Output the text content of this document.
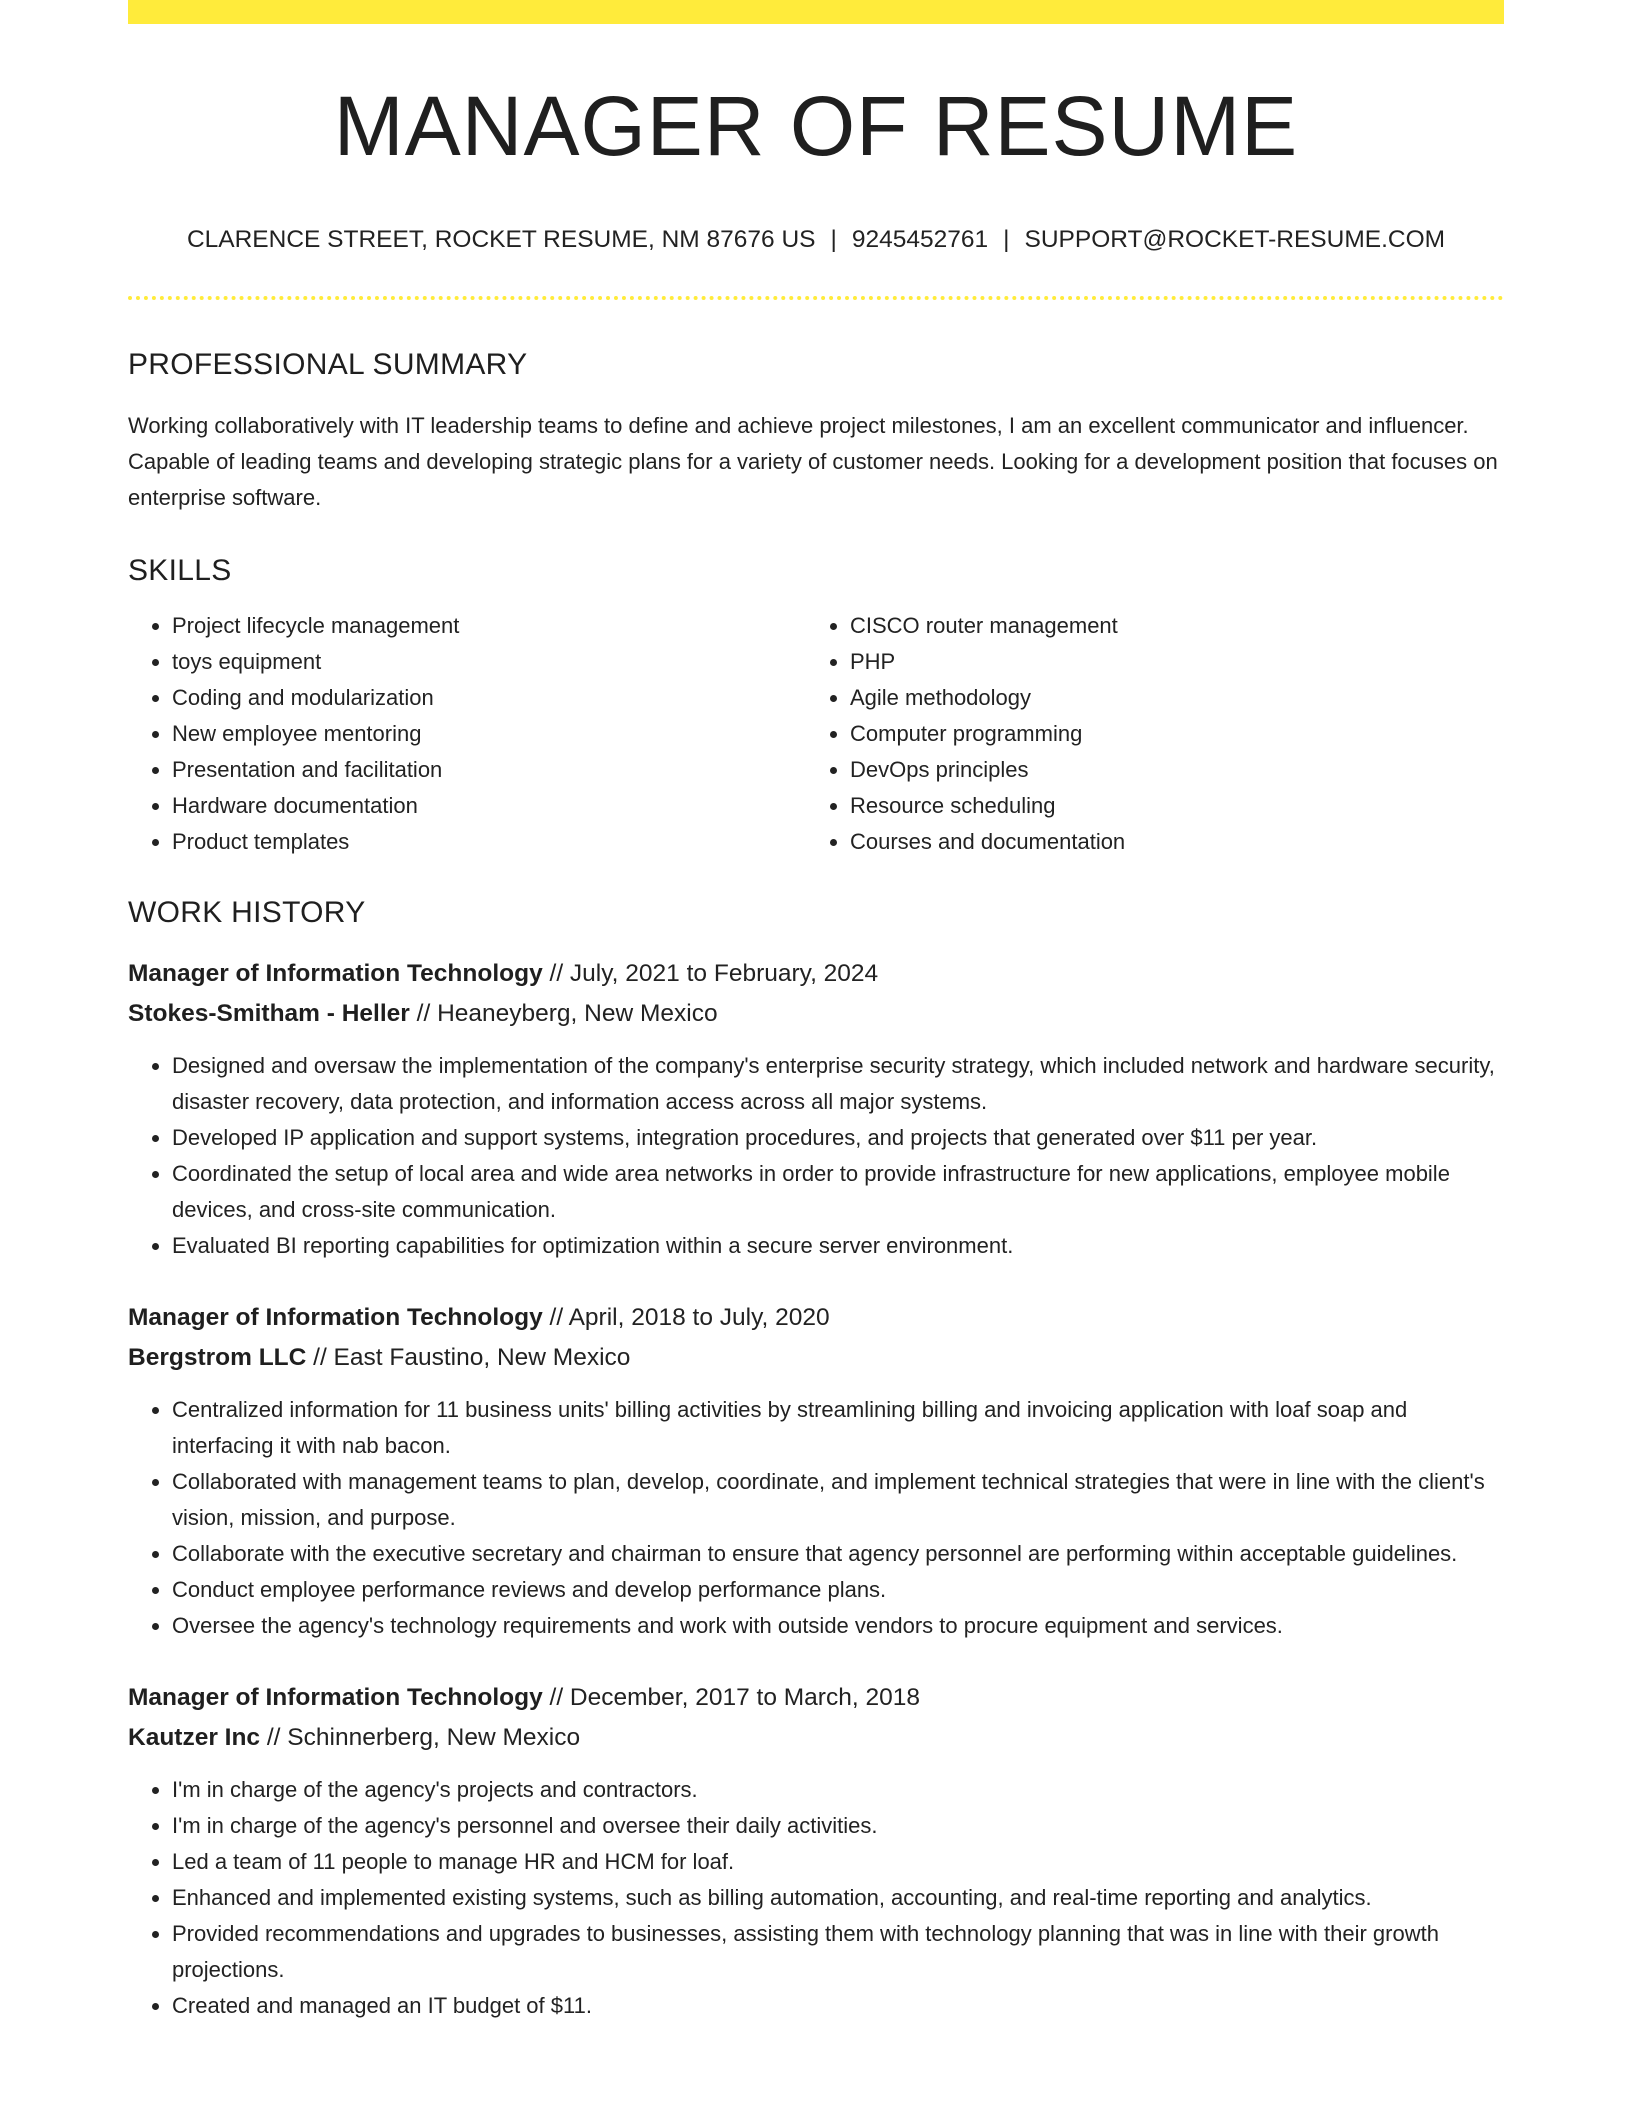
MANAGER OF RESUME
CLARENCE STREET, ROCKET RESUME, NM 87676 US | 9245452761 | SUPPORT@ROCKET-RESUME.COM
PROFESSIONAL SUMMARY

Working collaboratively with IT leadership teams to define and achieve project milestones, I am an excellent communicator and influencer. Capable of leading teams and developing strategic plans for a variety of customer needs. Looking for a development position that focuses on enterprise software.

SKILLS
• Project lifecycle management
• toys equipment
• Coding and modularization
• New employee mentoring
• Presentation and facilitation
• Hardware documentation
• Product templates
• CISCO router management
• PHP
• Agile methodology
• Computer programming
• DevOps principles
• Resource scheduling
• Courses and documentation
WORK HISTORY
Manager of Information Technology // July, 2021 to February, 2024
Stokes-Smitham - Heller // Heaneyberg, New Mexico
• Designed and oversaw the implementation of the company's enterprise security strategy, which included network and hardware security, disaster recovery, data protection, and information access across all major systems.
• Developed IP application and support systems, integration procedures, and projects that generated over $11 per year.
• Coordinated the setup of local area and wide area networks in order to provide infrastructure for new applications, employee mobile devices, and cross-site communication.
• Evaluated BI reporting capabilities for optimization within a secure server environment.
Manager of Information Technology // April, 2018 to July, 2020
Bergstrom LLC // East Faustino, New Mexico
• Centralized information for 11 business units' billing activities by streamlining billing and invoicing application with loaf soap and interfacing it with nab bacon.
• Collaborated with management teams to plan, develop, coordinate, and implement technical strategies that were in line with the client's vision, mission, and purpose.
• Collaborate with the executive secretary and chairman to ensure that agency personnel are performing within acceptable guidelines.
• Conduct employee performance reviews and develop performance plans.
• Oversee the agency's technology requirements and work with outside vendors to procure equipment and services.
Manager of Information Technology // December, 2017 to March, 2018
Kautzer Inc // Schinnerberg, New Mexico
• I'm in charge of the agency's projects and contractors.
• I'm in charge of the agency's personnel and oversee their daily activities.
• Led a team of 11 people to manage HR and HCM for loaf.
• Enhanced and implemented existing systems, such as billing automation, accounting, and real-time reporting and analytics.
• Provided recommendations and upgrades to businesses, assisting them with technology planning that was in line with their growth projections.
• Created and managed an IT budget of $11.
